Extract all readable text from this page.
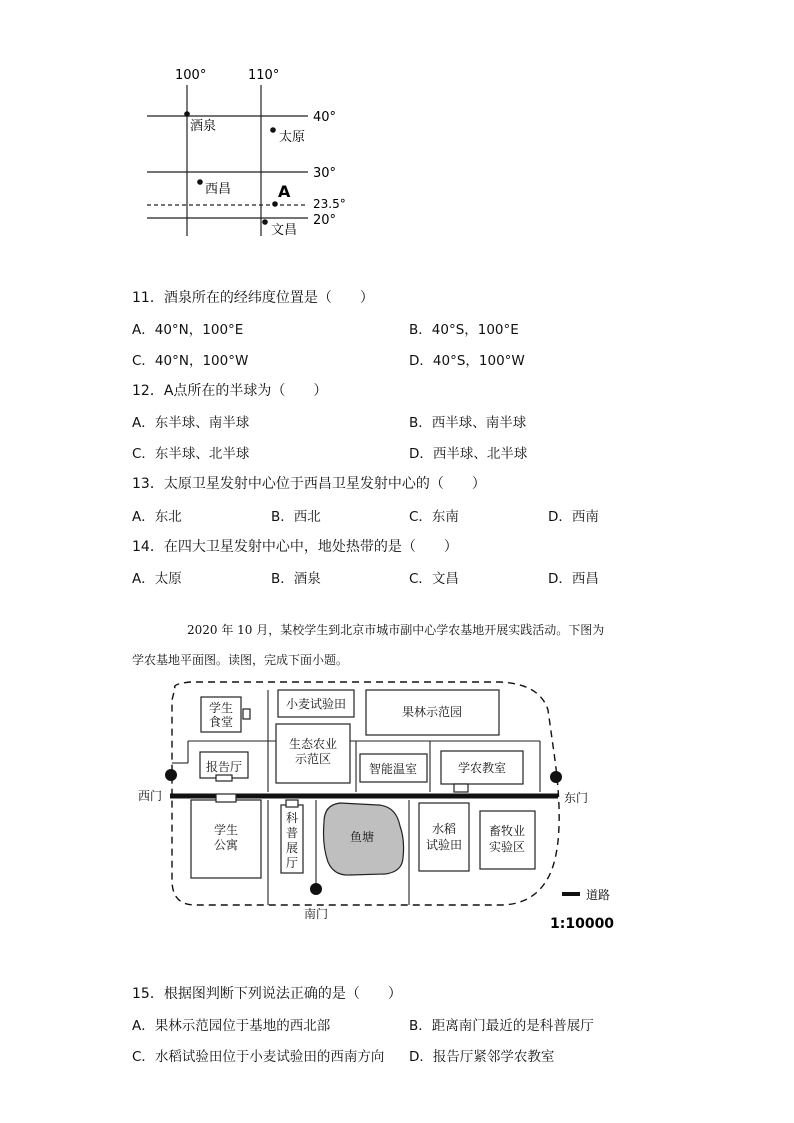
100°	110°
40°
30°
23.5°
20°
酒泉
太原
西昌	A
文昌
11．酒泉所在的经纬度位置是（　　）
A．40°N，100°E	B．40°S，100°E
C．40°N，100°W	D．40°S，100°W
12．A点所在的半球为（　　）
A．东半球、南半球	B．西半球、南半球
C．东半球、北半球	D．西半球、北半球
13．太原卫星发射中心位于西昌卫星发射中心的（　　）
A．东北	B．西北	C．东南	D．西南
14．在四大卫星发射中心中，地处热带的是（　　）
A．太原	B．酒泉	C．文昌	D．西昌
2020 年 10 月，某校学生到北京市城市副中心学农基地开展实践活动。下图为
学农基地平面图。读图，完成下面小题。
学生
食堂
小麦试验田
果林示范园
生态农业
示范区
报告厅	智能温室	学农教室
学生
公寓
科
普
展
厅
鱼塘
水稻
试验田
畜牧业
实验区
西门	东门
南门
道路
1:10000
15．根据图判断下列说法正确的是（　　）
A．果林示范园位于基地的西北部	B．距离南门最近的是科普展厅
C．水稻试验田位于小麦试验田的西南方向 D．报告厅紧邻学农教室
